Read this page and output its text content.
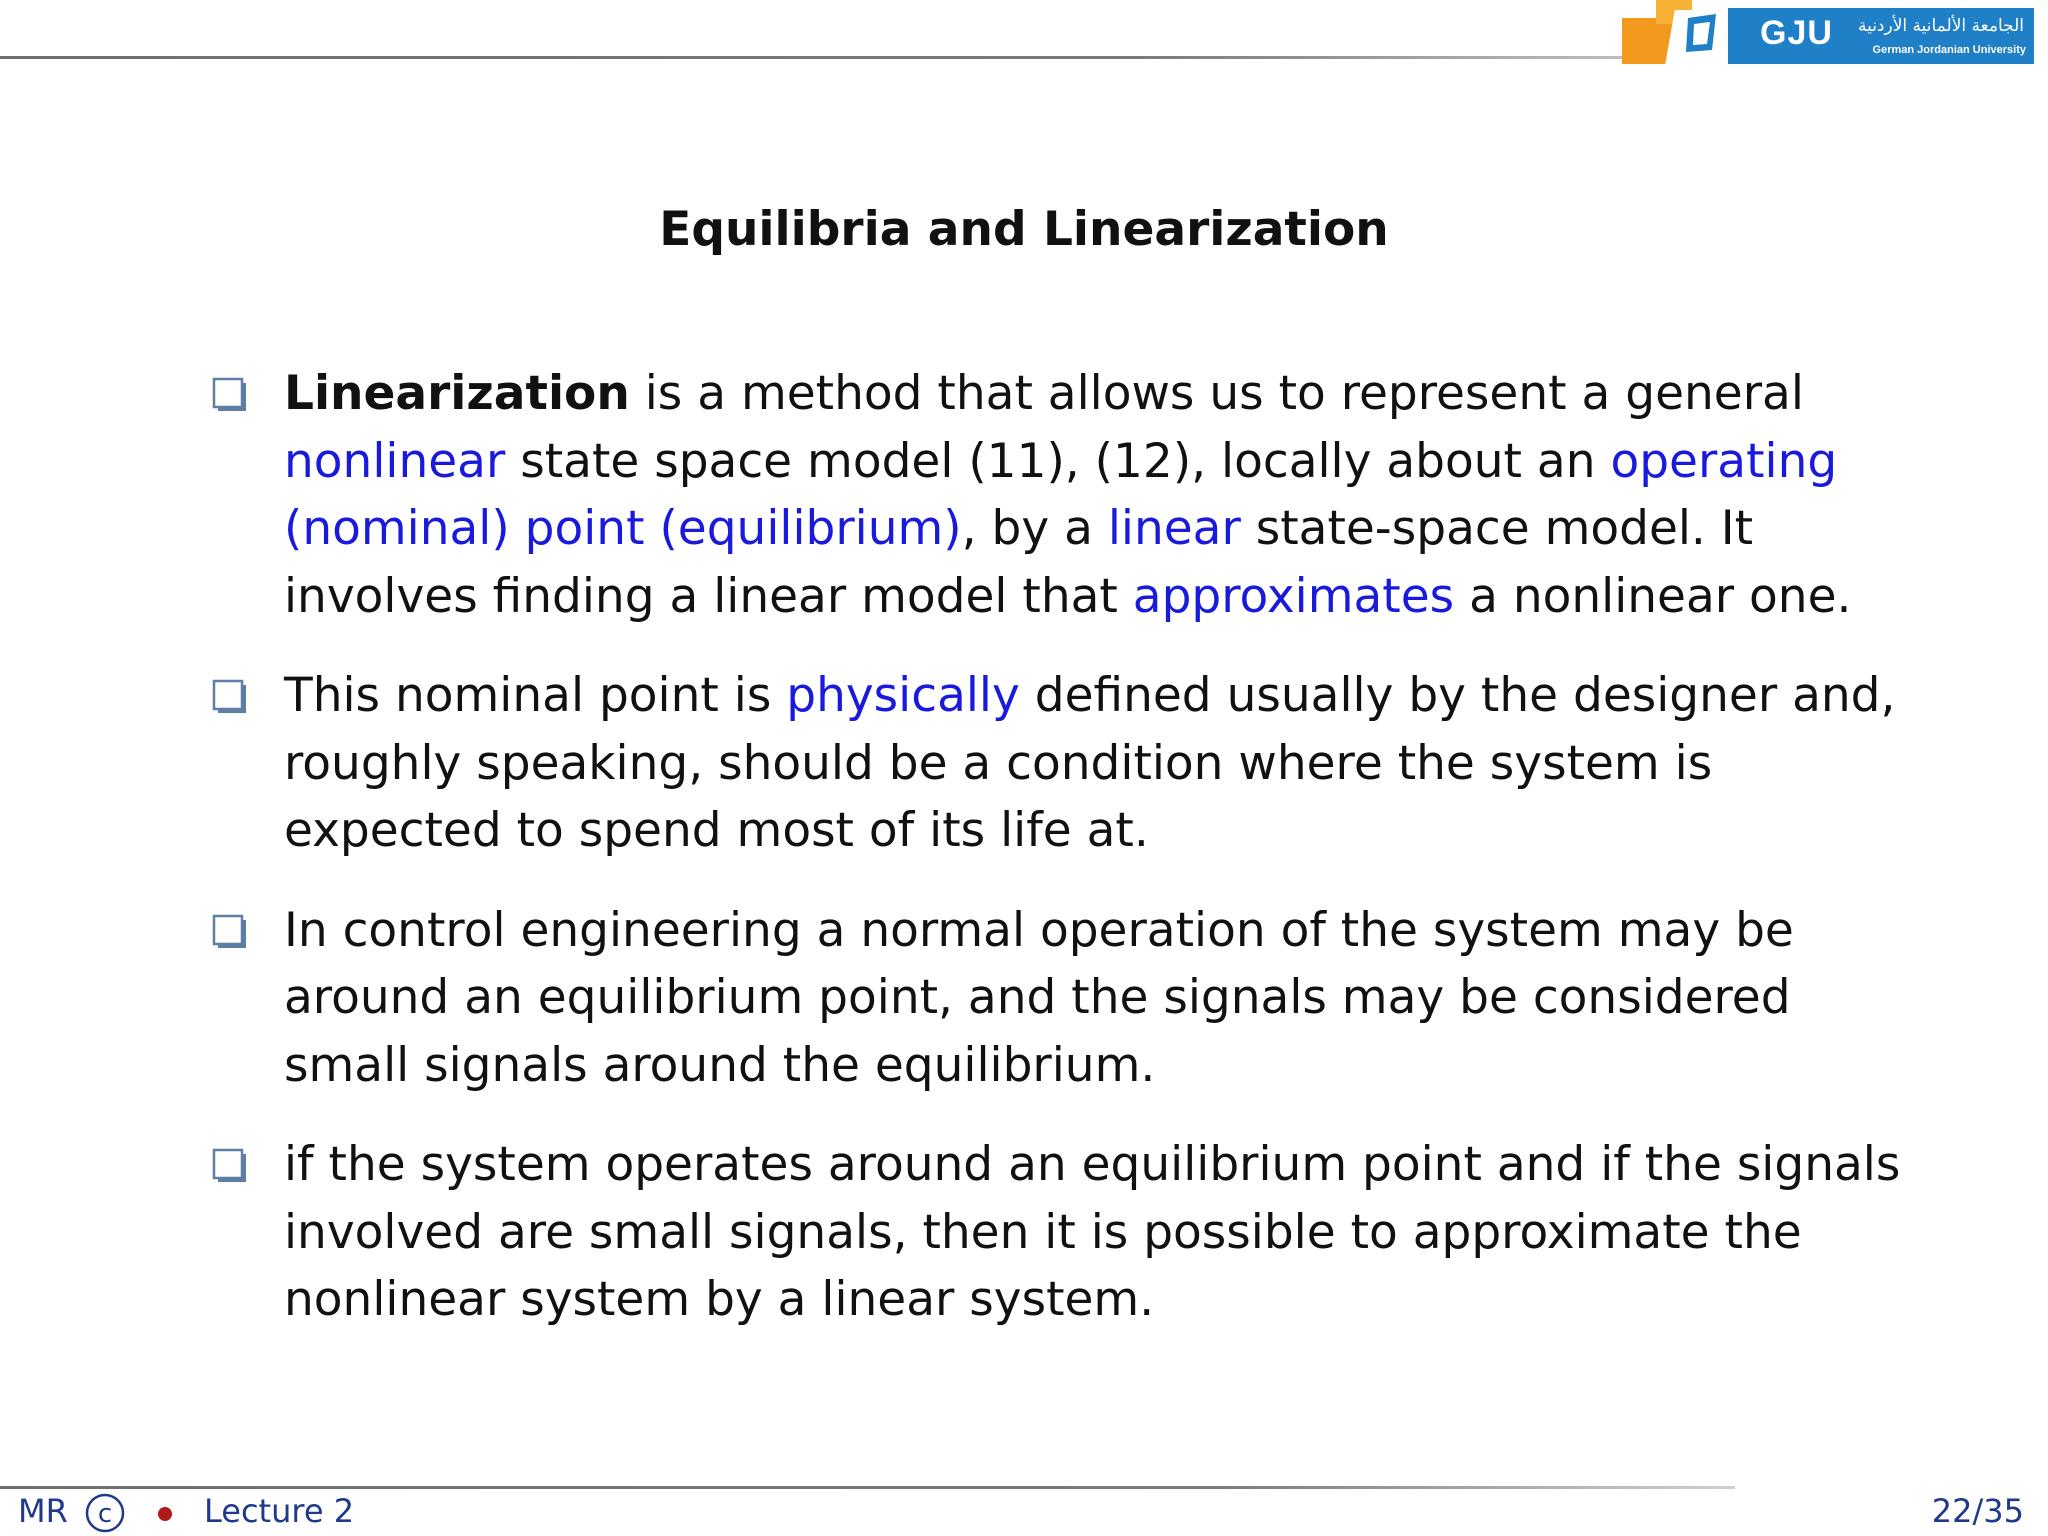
GJU	الجامعة الألمانية الأردنية
German Jordanian University
Equilibria and Linearization
Linearization is a method that allows us to represent a general nonlinear state space model (11), (12), locally about an operating (nominal) point (equilibrium), by a linear state-space model. It involves finding a linear model that approximates a nonlinear one.
This nominal point is physically defined usually by the designer and, roughly speaking, should be a condition where the system is expected to spend most of its life at.
In control engineering a normal operation of the system may be around an equilibrium point, and the signals may be considered small signals around the equilibrium.
if the system operates around an equilibrium point and if the signals involved are small signals, then it is possible to approximate the nonlinear system by a linear system.
MR c	Lecture 2	22/35
